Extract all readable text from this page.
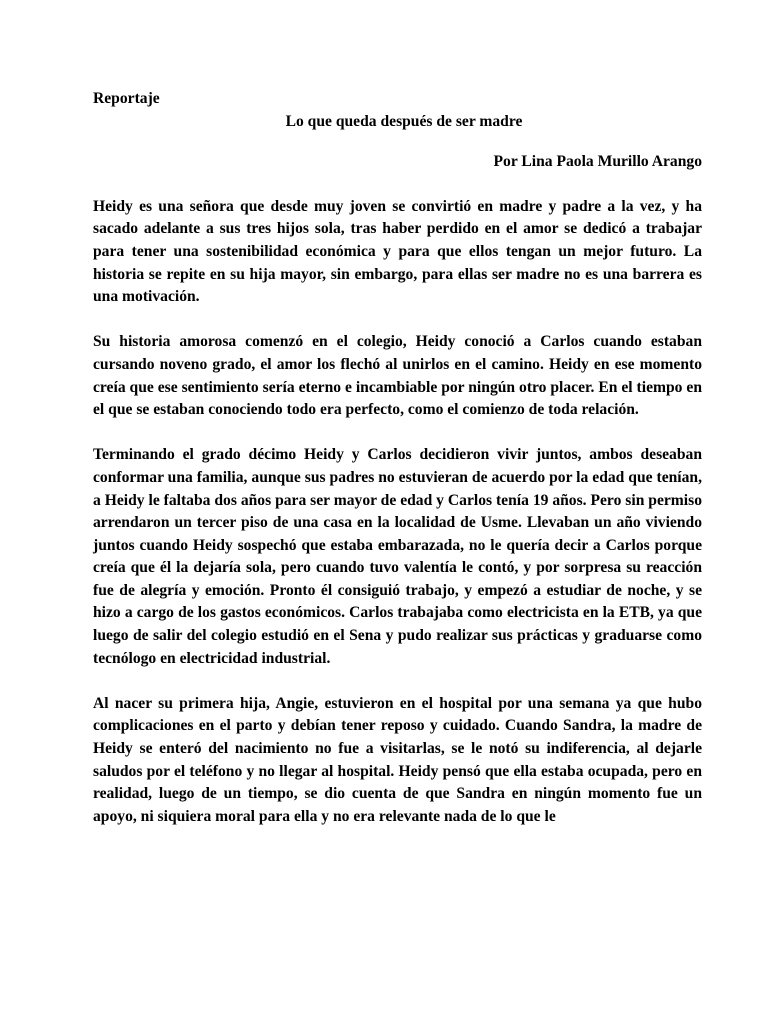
Reportaje

Lo que queda después de ser madre

Por Lina Paola Murillo Arango

Heidy es una señora que desde muy joven se convirtió en madre y padre a la vez, y ha sacado adelante a sus tres hijos sola, tras haber perdido en el amor se dedicó a trabajar para tener una sostenibilidad económica y para que ellos tengan un mejor futuro. La historia se repite en su hija mayor, sin embargo, para ellas ser madre no es una barrera es una motivación.

Su historia amorosa comenzó en el colegio, Heidy conoció a Carlos cuando estaban cursando noveno grado, el amor los flechó al unirlos en el camino. Heidy en ese momento creía que ese sentimiento sería eterno e incambiable por ningún otro placer. En el tiempo en el que se estaban conociendo todo era perfecto, como el comienzo de toda relación.

Terminando el grado décimo Heidy y Carlos decidieron vivir juntos, ambos deseaban conformar una familia, aunque sus padres no estuvieran de acuerdo por la edad que tenían, a Heidy le faltaba dos años para ser mayor de edad y Carlos tenía 19 años. Pero sin permiso arrendaron un tercer piso de una casa en la localidad de Usme. Llevaban un año viviendo juntos cuando Heidy sospechó que estaba embarazada, no le quería decir a Carlos porque creía que él la dejaría sola, pero cuando tuvo valentía le contó, y por sorpresa su reacción fue de alegría y emoción. Pronto él consiguió trabajo, y empezó a estudiar de noche, y se hizo a cargo de los gastos económicos. Carlos trabajaba como electricista en la ETB, ya que luego de salir del colegio estudió en el Sena y pudo realizar sus prácticas y graduarse como tecnólogo en electricidad industrial.

Al nacer su primera hija, Angie, estuvieron en el hospital por una semana ya que hubo complicaciones en el parto y debían tener reposo y cuidado. Cuando Sandra, la madre de Heidy se enteró del nacimiento no fue a visitarlas, se le notó su indiferencia, al dejarle saludos por el teléfono y no llegar al hospital. Heidy pensó que ella estaba ocupada, pero en realidad, luego de un tiempo, se dio cuenta de que Sandra en ningún momento fue un apoyo, ni siquiera moral para ella y no era relevante nada de lo que le
